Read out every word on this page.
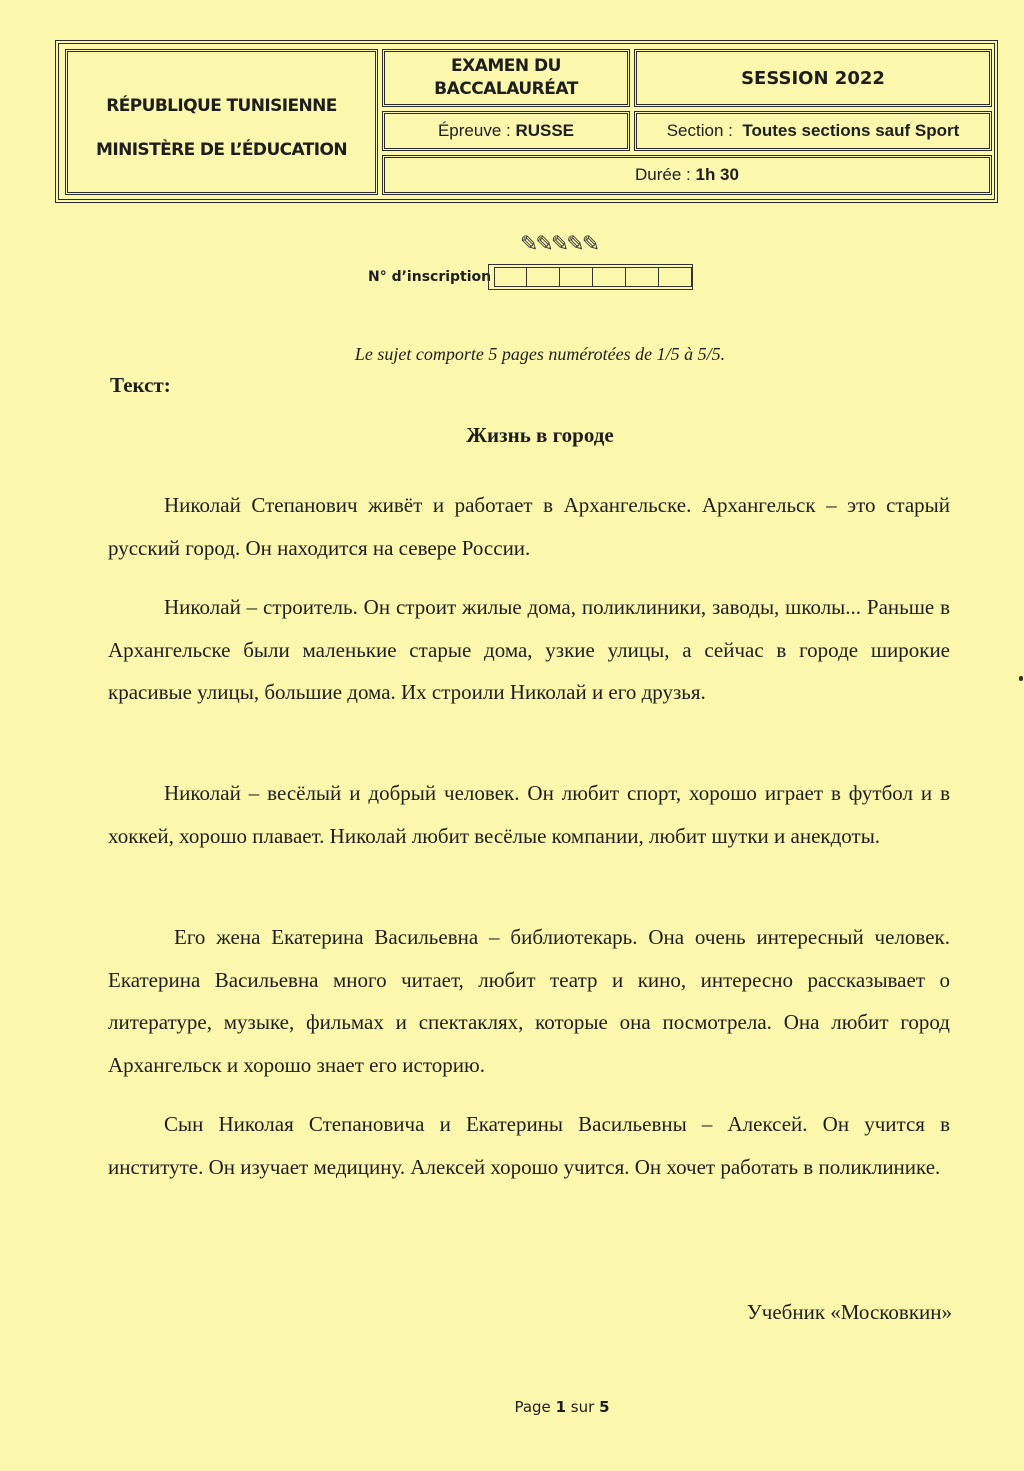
RÉPUBLIQUE TUNISIENNE
MINISTÈRE DE L’ÉDUCATION
EXAMEN DU
BACCALAURÉAT
SESSION 2022
Épreuve :
RUSSE	Section :
Toutes sections sauf Sport
Durée :
1h 30
✎✎✎✎✎
N° d’inscription
Le sujet comporte 5 pages numérotées de 1/5 à 5/5.
Текст:
Жизнь в городе
Николай Степанович живёт и работает в Архангельске. Архангельск – это старый русский город. Он находится на севере России.
Николай – строитель. Он строит жилые дома, поликлиники, заводы, школы... Раньше в Архангельске были маленькие старые дома, узкие улицы, а сейчас в городе широкие красивые улицы, большие дома. Их строили Николай и его друзья.
Николай – весёлый и добрый человек. Он любит спорт, хорошо играет в футбол и в хоккей, хорошо плавает. Николай любит весёлые компании, любит шутки и анекдоты.
Его жена Екатерина Васильевна – библиотекарь. Она очень интересный человек. Екатерина Васильевна много читает, любит театр и кино, интересно рассказывает о литературе, музыке, фильмах и спектаклях, которые она посмотрела. Она любит город Архангельск и хорошо знает его историю.
Сын Николая Степановича и Екатерины Васильевны – Алексей. Он учится в институте. Он изучает медицину. Алексей хорошо учится. Он хочет работать в поликлинике.
Учебник «Московкин»
Page 1 sur 5
